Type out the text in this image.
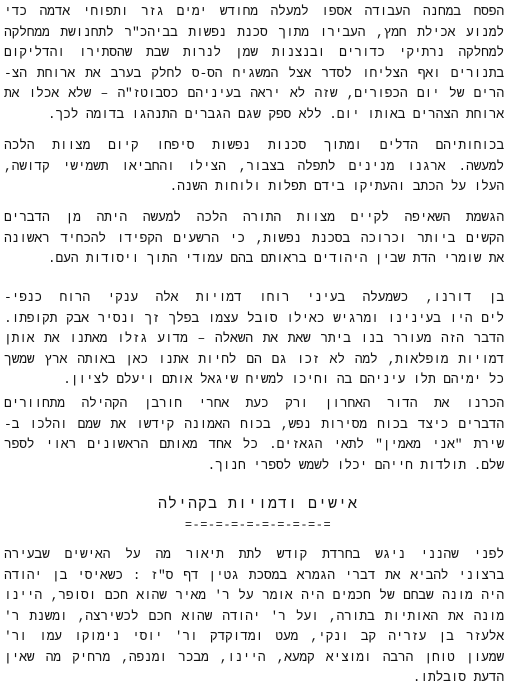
הפסח במחנה העבודה אספו למעלה מחודש ימים גזר ותפוחי אדמה כדי
למנוע אכילת חמץ, העבירו מתוך סכנת נפשות בביהכ"ר לתחנושת ממחלקה
למחלקה נרתיקי כדורים ובנצנות שמן לנרות שבת שהסתירו והדליקום
בתנורים ואף הצליחו לסדר אצל המשגיח הס-ס לחלק בערב את ארוחת הצ-
הרים של יום הכפורים, שזה לא יראה בעיניהם כסבוטז"ה – שלא אכלו את
ארוחת הצהרים באותו יום. ללא ספק שגם הגברים התנהגו בדומה לכך.
בכוחותיהם הדלים ומתוך סכנות נפשות סיפחו קיום מצוות הלכה
למעשה. ארגנו מנינים לתפלה בצבור, הצילו והחביאו תשמישי קדושה,
העלו על הכתב והעתיקו בידם תפלות ולוחות השנה.
הגשמת השאיפה לקיים מצוות התורה הלכה למעשה היתה מן הדברים
הקשים ביותר וכרוכה בסכנת נפשות, כי הרשעים הקפידו להכחיד ראשונה
את שומרי הדת שבין היהודים בראותם בהם עמודי התוך ויסודות העם.
בן דורנו, כשמעלה בעיני רוחו דמויות אלה ענקי הרוח כנפי-
לים היו בעינינו ומרגיש כאילו סובל עצמו בפלך זך ונסיר אבק תקופתו.
הדבר הזה מעורר בנו ביתר שאת את השאלה – מדוע גזלו מאתנו את אותן
דמויות מופלאות, למה לא זכו גם הם לחיות אתנו כאן באותה ארץ שמשך
כל ימיהם תלו עיניהם בה וחיכו למשיח שיגאל אותם ויעלם לציון.
הכרנו את הדור האחרון ורק כעת אחרי חורבן הקהילה מתחוורים
הדברים כיצד בכוח מסירות נפש, בכוח האמונה קידשו את שמם והלכו ב-
שירת "אני מאמין" לתאי הגאזים. כל אחד מאותם הראשונים ראוי לספר
שלם. תולדות חייהם יכלו לשמש לספרי חנוך.
אישים ודמויות בקהילה
=-=-=-=-=-=-=-=-=-=
לפני שהנני ניגש בחרדת קודש לתת תיאור מה על האישים שבעירה
ברצוני להביא את דברי הגמרא במסכת גטין דף ס"ז : כשאיסי בן יהודה
היה מונה שבחם של חכמים היה אומר על ר' מאיר שהוא חכם וסופר, היינו
מונה את האותיות בתורה, ועל ר' יהודה שהוא חכם לכשירצה, ומשנת ר'
אלעזר בן עזריה קב ונקי, מעט ומדוקדק ור' יוסי נימוקו עמו ור'
שמעון טוחן הרבה ומוציא קמעא, היינו, מבכר ומנפה, מרחיק מה שאין
הדעת סובלתו.
